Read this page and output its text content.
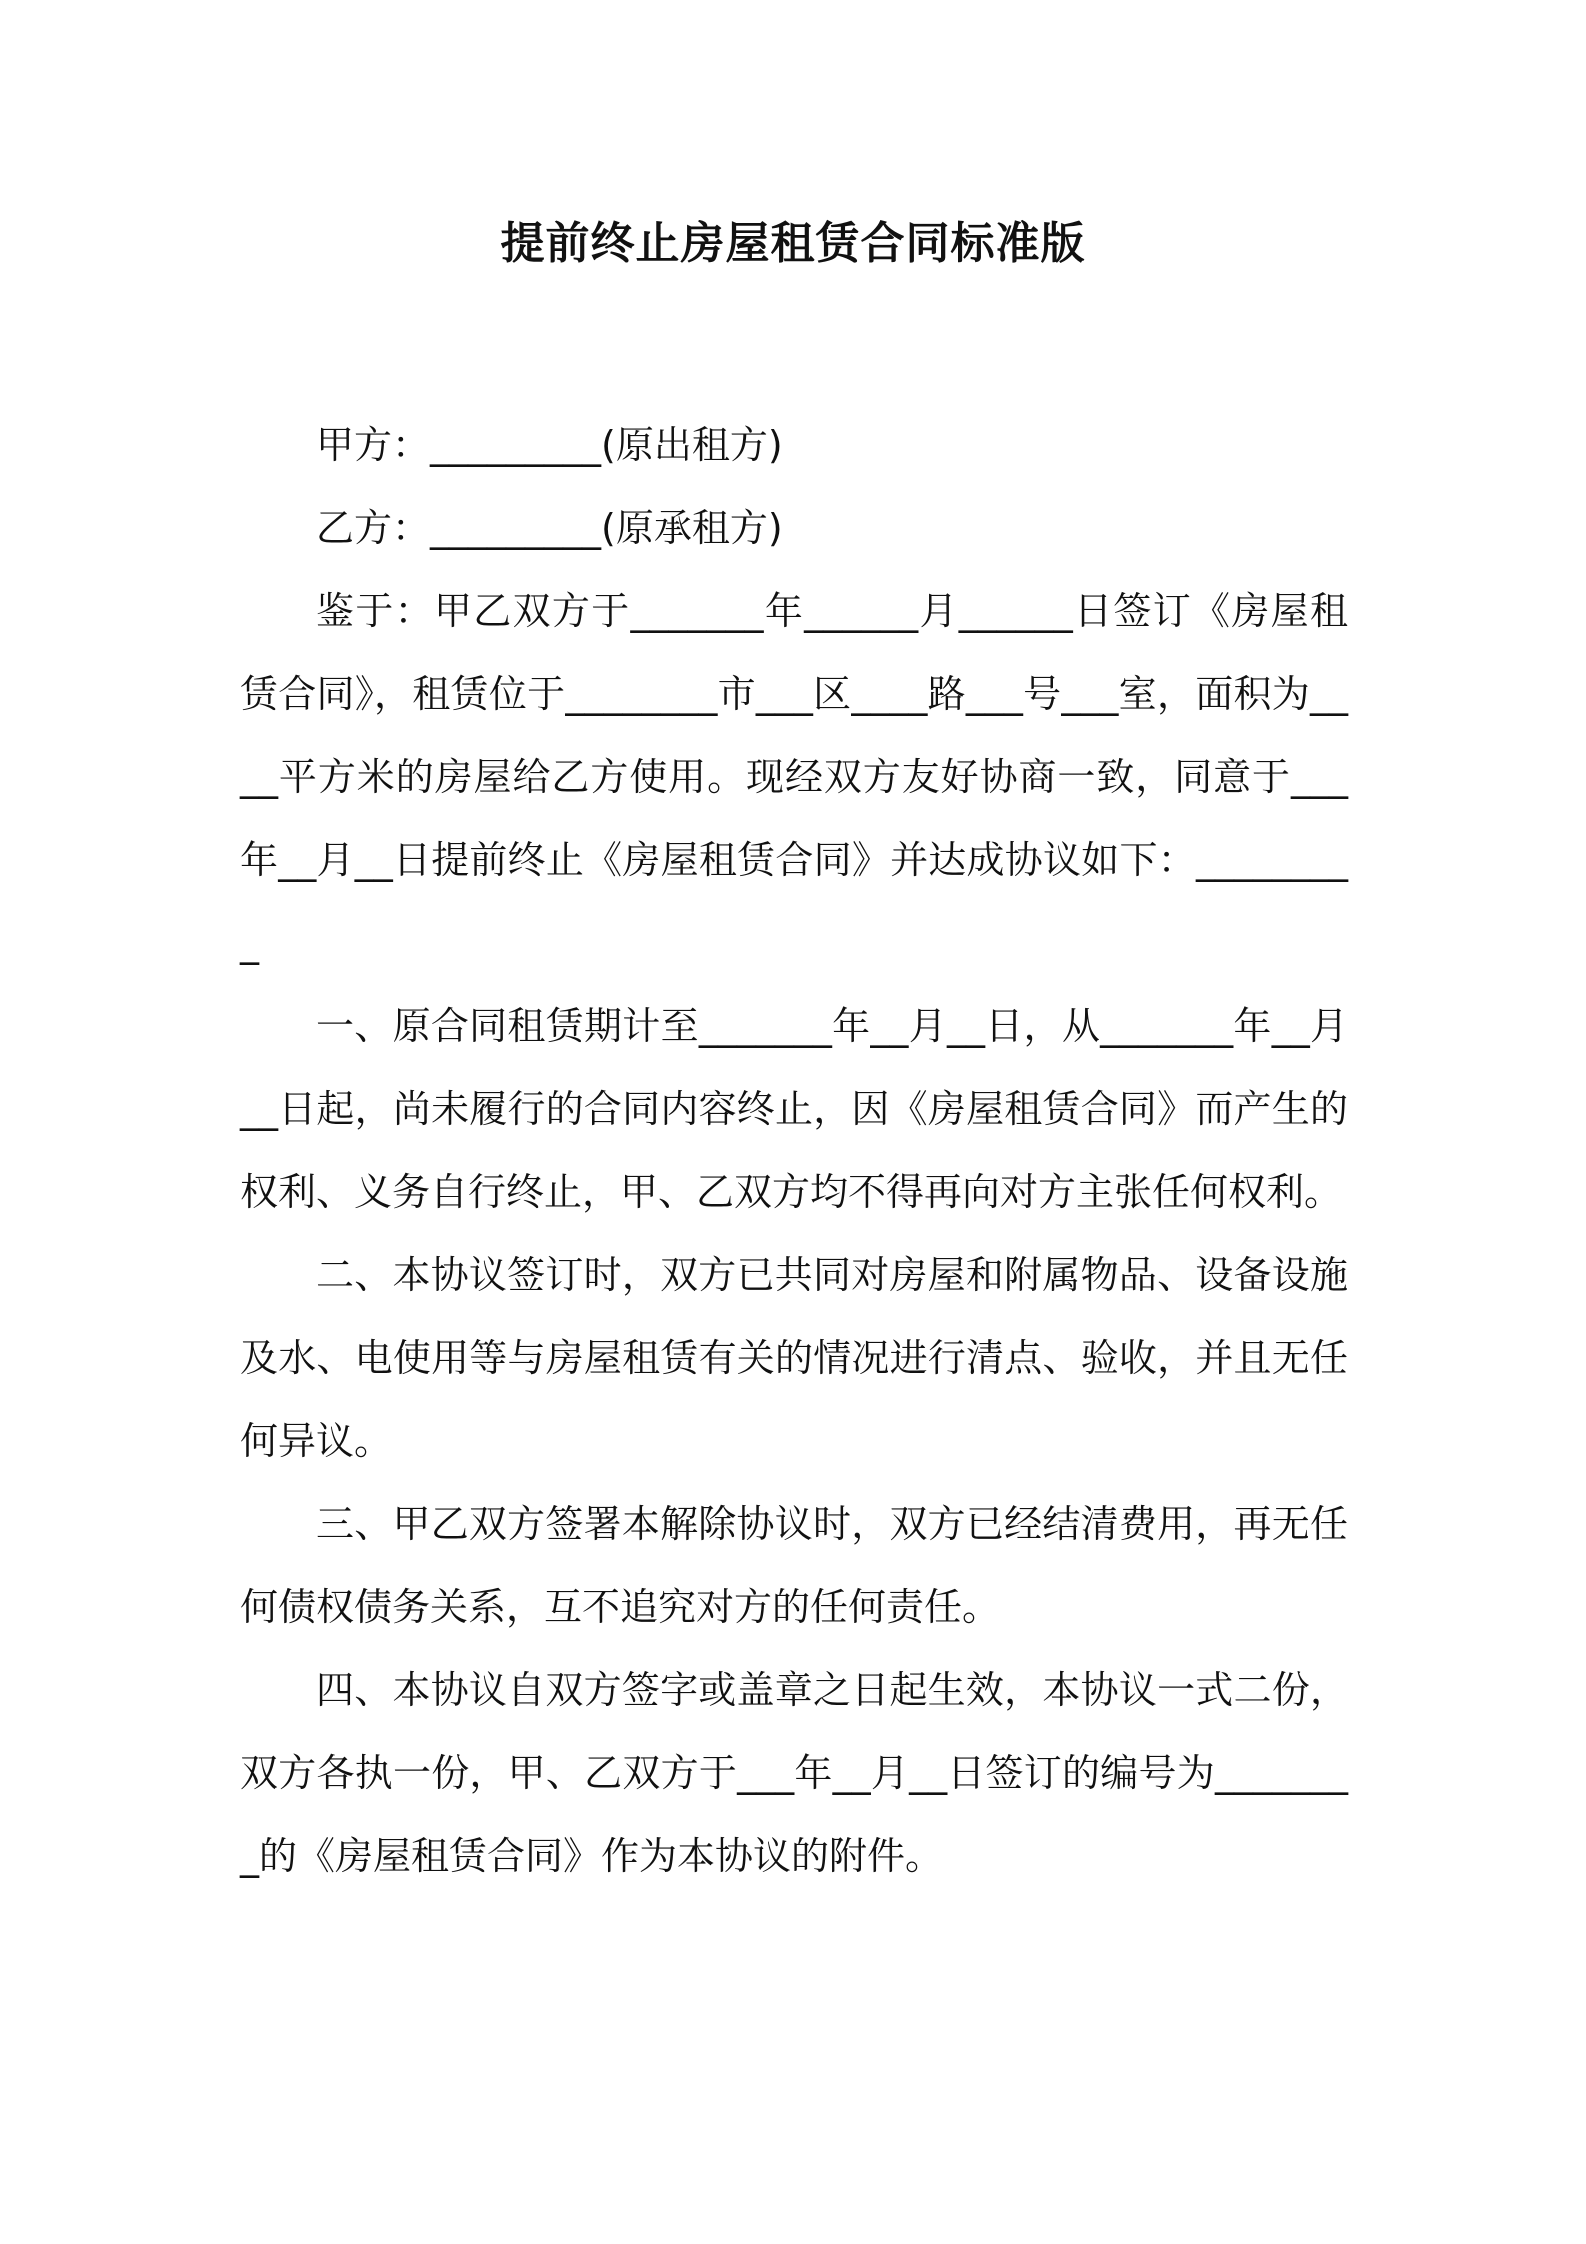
提前终止房屋租赁合同标准版

甲方：_________(原出租方)

乙方：_________(原承租方)

鉴于：甲乙双方于_______年______月______日签订《房屋租赁合同》，租赁位于________市___区____路___号___室，面积为____平方米的房屋给乙方使用。现经双方友好协商一致，同意于___年__月__日提前终止《房屋租赁合同》并达成协议如下：_________

一、原合同租赁期计至_______年__月__日，从_______年__月__日起，尚未履行的合同内容终止，因《房屋租赁合同》而产生的权利、义务自行终止，甲、乙双方均不得再向对方主张任何权利。

二、本协议签订时，双方已共同对房屋和附属物品、设备设施及水、电使用等与房屋租赁有关的情况进行清点、验收，并且无任何异议。

三、甲乙双方签署本解除协议时，双方已经结清费用，再无任何债权债务关系，互不追究对方的任何责任。

四、本协议自双方签字或盖章之日起生效，本协议一式二份，双方各执一份，甲、乙双方于___年__月__日签订的编号为________的《房屋租赁合同》作为本协议的附件。
